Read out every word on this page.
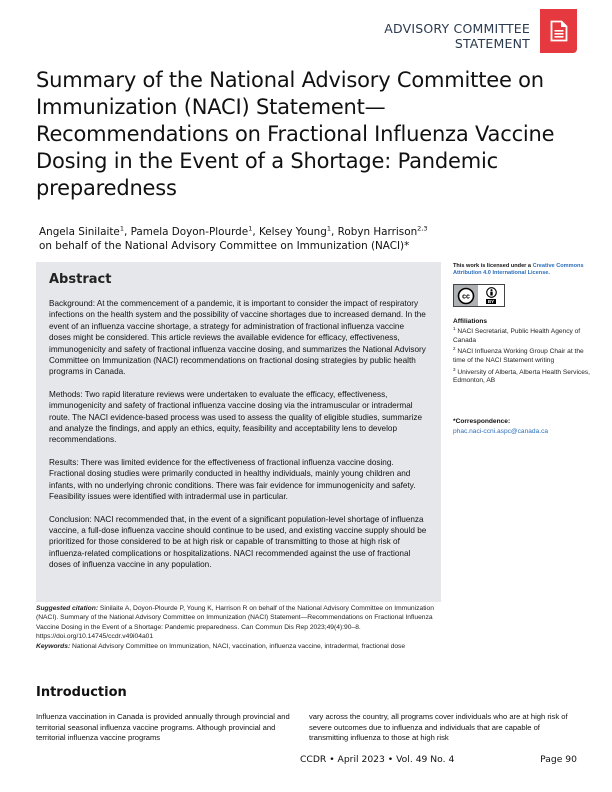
ADVISORY COMMITTEE STATEMENT
Summary of the National Advisory Committee on Immunization (NACI) Statement—Recommendations on Fractional Influenza Vaccine Dosing in the Event of a Shortage: Pandemic preparedness
Angela Sinilaite$^1$, Pamela Doyon-Plourde$^1$, Kelsey Young$^1$, Robyn Harrison$^{2,3}$
on behalf of the National Advisory Committee on Immunization (NACI)*
Abstract

Background: At the commencement of a pandemic, it is important to consider the impact of respiratory infections on the health system and the possibility of vaccine shortages due to increased demand. In the event of an influenza vaccine shortage, a strategy for administration of fractional influenza vaccine doses might be considered. This article reviews the available evidence for efficacy, effectiveness, immunogenicity and safety of fractional influenza vaccine dosing, and summarizes the National Advisory Committee on Immunization (NACI) recommendations on fractional dosing strategies by public health programs in Canada.

Methods: Two rapid literature reviews were undertaken to evaluate the efficacy, effectiveness, immunogenicity and safety of fractional influenza vaccine dosing via the intramuscular or intradermal route. The NACI evidence-based process was used to assess the quality of eligible studies, summarize and analyze the findings, and apply an ethics, equity, feasibility and acceptability lens to develop recommendations.

Results: There was limited evidence for the effectiveness of fractional influenza vaccine dosing. Fractional dosing studies were primarily conducted in healthy individuals, mainly young children and infants, with no underlying chronic conditions. There was fair evidence for immunogenicity and safety. Feasibility issues were identified with intradermal use in particular.

Conclusion: NACI recommended that, in the event of a significant population-level shortage of influenza vaccine, a full-dose influenza vaccine should continue to be used, and existing vaccine supply should be prioritized for those considered to be at high risk or capable of transmitting to those at high risk of influenza-related complications or hospitalizations. NACI recommended against the use of fractional doses of influenza vaccine in any population.

Suggested citation: Sinilaite A, Doyon-Plourde P, Young K, Harrison R on behalf of the National Advisory Committee on Immunization (NACI). Summary of the National Advisory Committee on Immunization (NACI) Statement—Recommendations on Fractional Influenza Vaccine Dosing in the Event of a Shortage: Pandemic preparedness. Can Commun Dis Rep 2023;49(4):90–8. https://doi.org/10.14745/ccdr.v49i04a01
Keywords: National Advisory Committee on Immunization, NACI, vaccination, influenza vaccine, intradermal, fractional dose
This work is licensed under a Creative Commons Attribution 4.0 International License.
cc
BY
Affiliations
$^1$ NACI Secretariat, Public Health Agency of Canada
$^2$ NACI Influenza Working Group Chair at the time of the NACI Statement writing
$^3$ University of Alberta, Alberta Health Services, Edmonton, AB
*Correspondence:
phac.naci-ccni.aspc@canada.ca
Introduction

Influenza vaccination in Canada is provided annually through provincial and territorial seasonal influenza vaccine programs. Although provincial and territorial influenza vaccine programs

vary across the country, all programs cover individuals who are at high risk of severe outcomes due to influenza and individuals that are capable of transmitting influenza to those at high risk

CCDR • April 2023 • Vol. 49 No. 4	Page 90
